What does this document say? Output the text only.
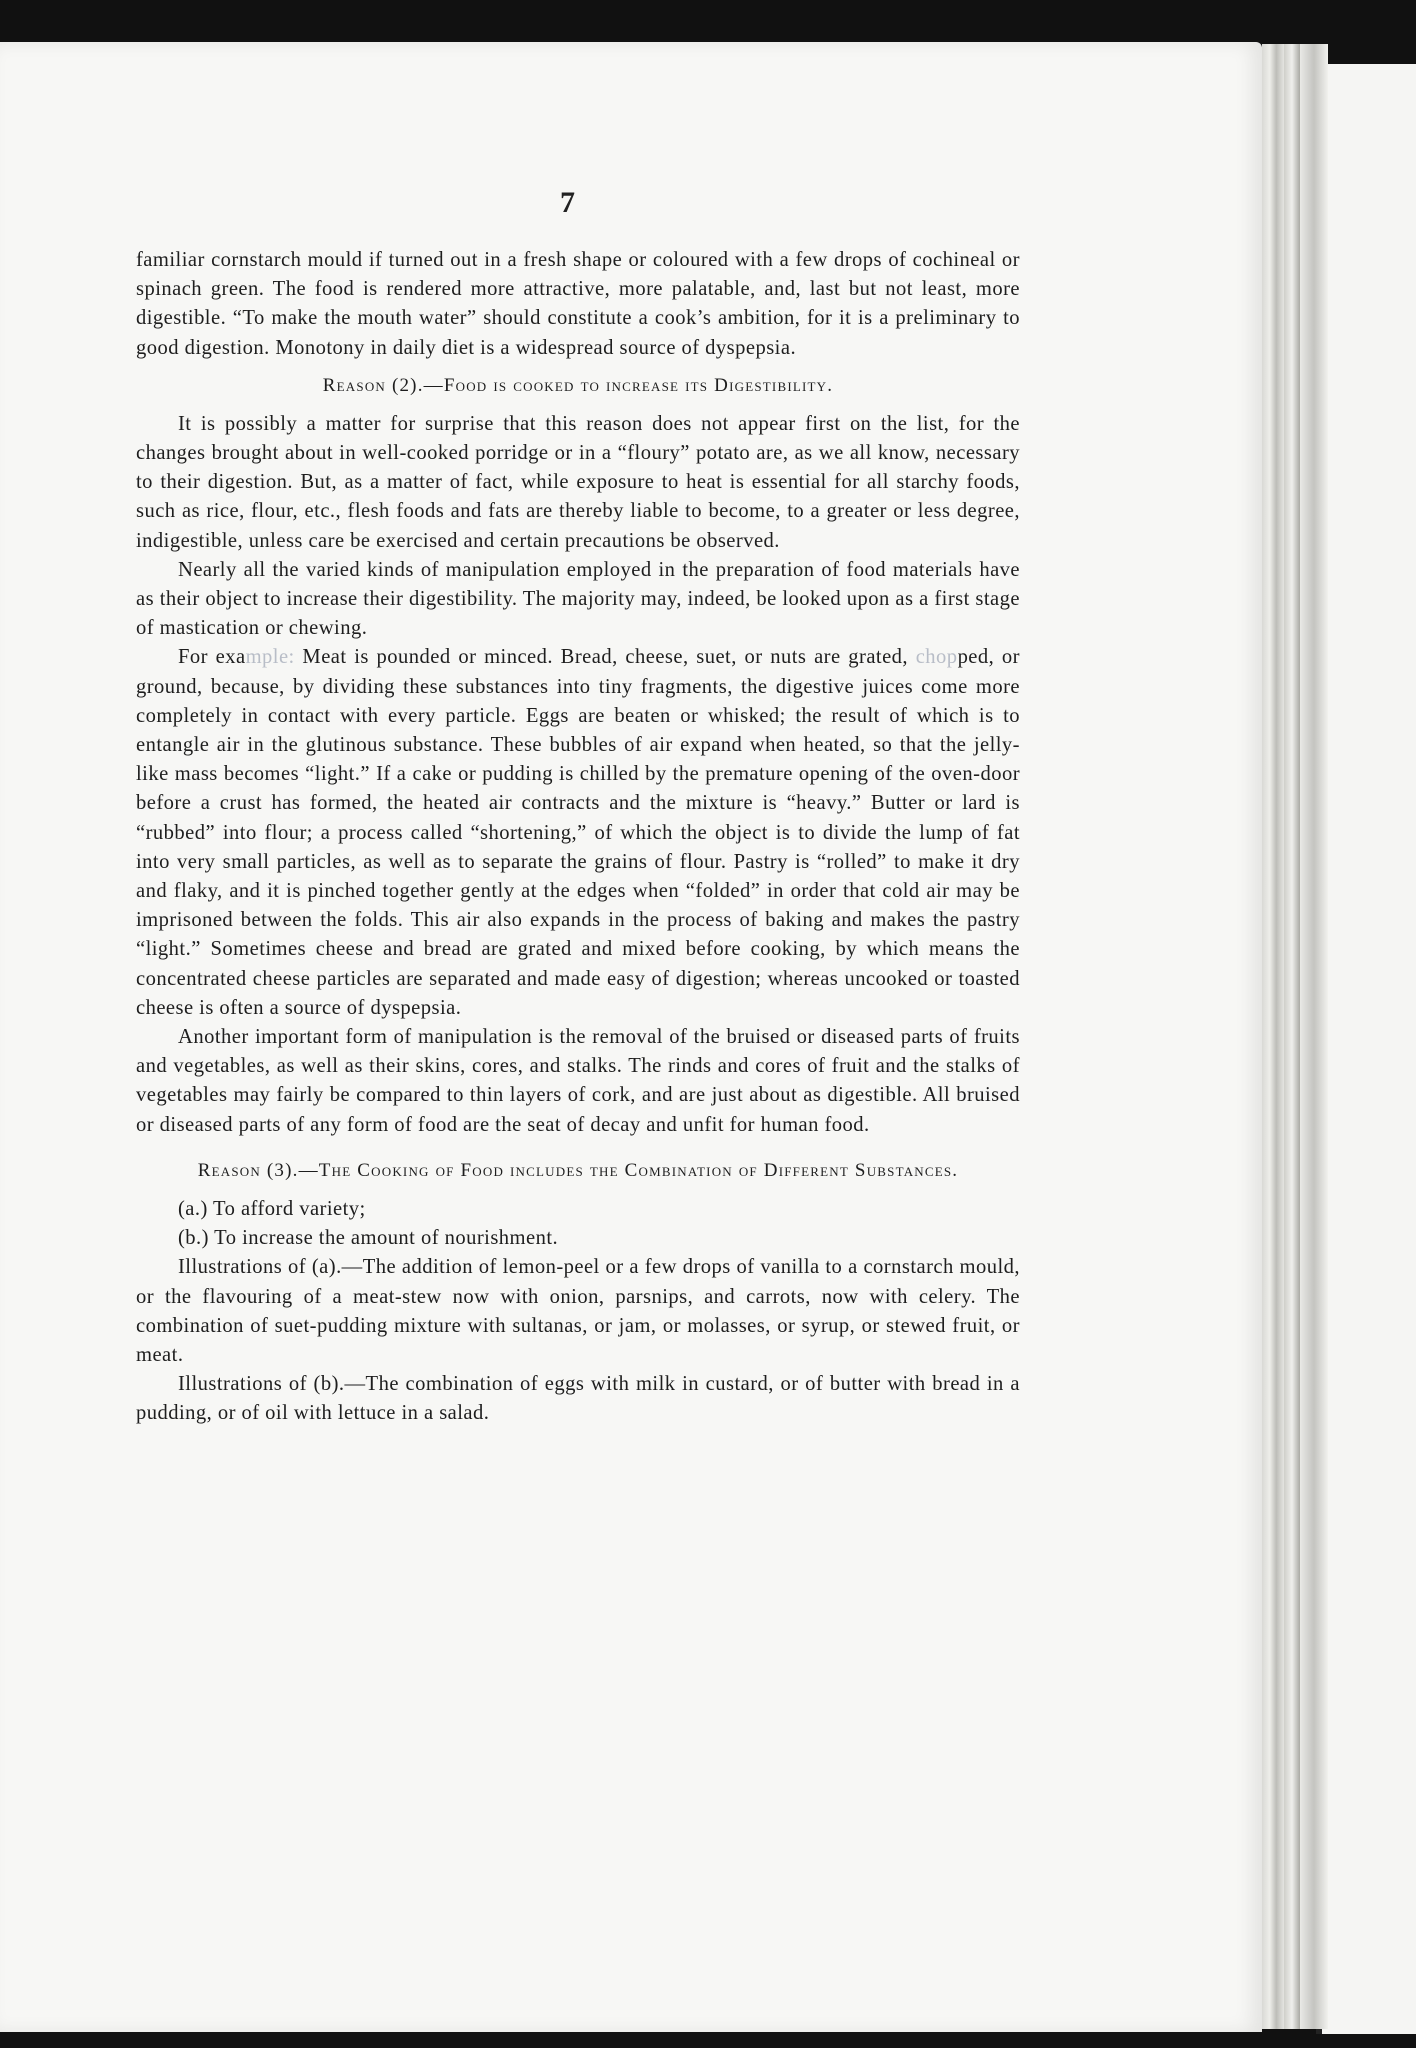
7

familiar cornstarch mould if turned out in a fresh shape or coloured with a few drops of cochineal or spinach green. The food is rendered more attractive, more palatable, and, last but not least, more digestible. “To make the mouth water” should constitute a cook’s ambition, for it is a preliminary to good digestion. Monotony in daily diet is a widespread source of dyspepsia.

Reason (2).—Food is cooked to increase its Digestibility.

It is possibly a matter for surprise that this reason does not appear first on the list, for the changes brought about in well-cooked porridge or in a “floury” potato are, as we all know, necessary to their digestion. But, as a matter of fact, while exposure to heat is essential for all starchy foods, such as rice, flour, etc., flesh foods and fats are thereby liable to become, to a greater or less degree, indigestible, unless care be exercised and certain precautions be observed.

Nearly all the varied kinds of manipulation employed in the preparation of food materials have as their object to increase their digestibility. The majority may, indeed, be looked upon as a first stage of mastication or chewing.

For example: Meat is pounded or minced. Bread, cheese, suet, or nuts are grated, chopped, or ground, because, by dividing these substances into tiny fragments, the digestive juices come more completely in contact with every particle. Eggs are beaten or whisked; the result of which is to entangle air in the glutinous substance. These bubbles of air expand when heated, so that the jelly-like mass becomes “light.” If a cake or pudding is chilled by the premature opening of the oven-door before a crust has formed, the heated air contracts and the mixture is “heavy.” Butter or lard is “rubbed” into flour; a process called “shortening,” of which the object is to divide the lump of fat into very small particles, as well as to separate the grains of flour. Pastry is “rolled” to make it dry and flaky, and it is pinched together gently at the edges when “folded” in order that cold air may be imprisoned between the folds. This air also expands in the process of baking and makes the pastry “light.” Sometimes cheese and bread are grated and mixed before cooking, by which means the concentrated cheese particles are separated and made easy of digestion; whereas uncooked or toasted cheese is often a source of dyspepsia.

Another important form of manipulation is the removal of the bruised or diseased parts of fruits and vegetables, as well as their skins, cores, and stalks. The rinds and cores of fruit and the stalks of vegetables may fairly be compared to thin layers of cork, and are just about as digestible. All bruised or diseased parts of any form of food are the seat of decay and unfit for human food.

Reason (3).—The Cooking of Food includes the Combination of Different Substances.

(a.) To afford variety;

(b.) To increase the amount of nourishment.

Illustrations of (a).—The addition of lemon-peel or a few drops of vanilla to a cornstarch mould, or the flavouring of a meat-stew now with onion, parsnips, and carrots, now with celery. The combination of suet-pudding mixture with sultanas, or jam, or molasses, or syrup, or stewed fruit, or meat.

Illustrations of (b).—The combination of eggs with milk in custard, or of butter with bread in a pudding, or of oil with lettuce in a salad.
